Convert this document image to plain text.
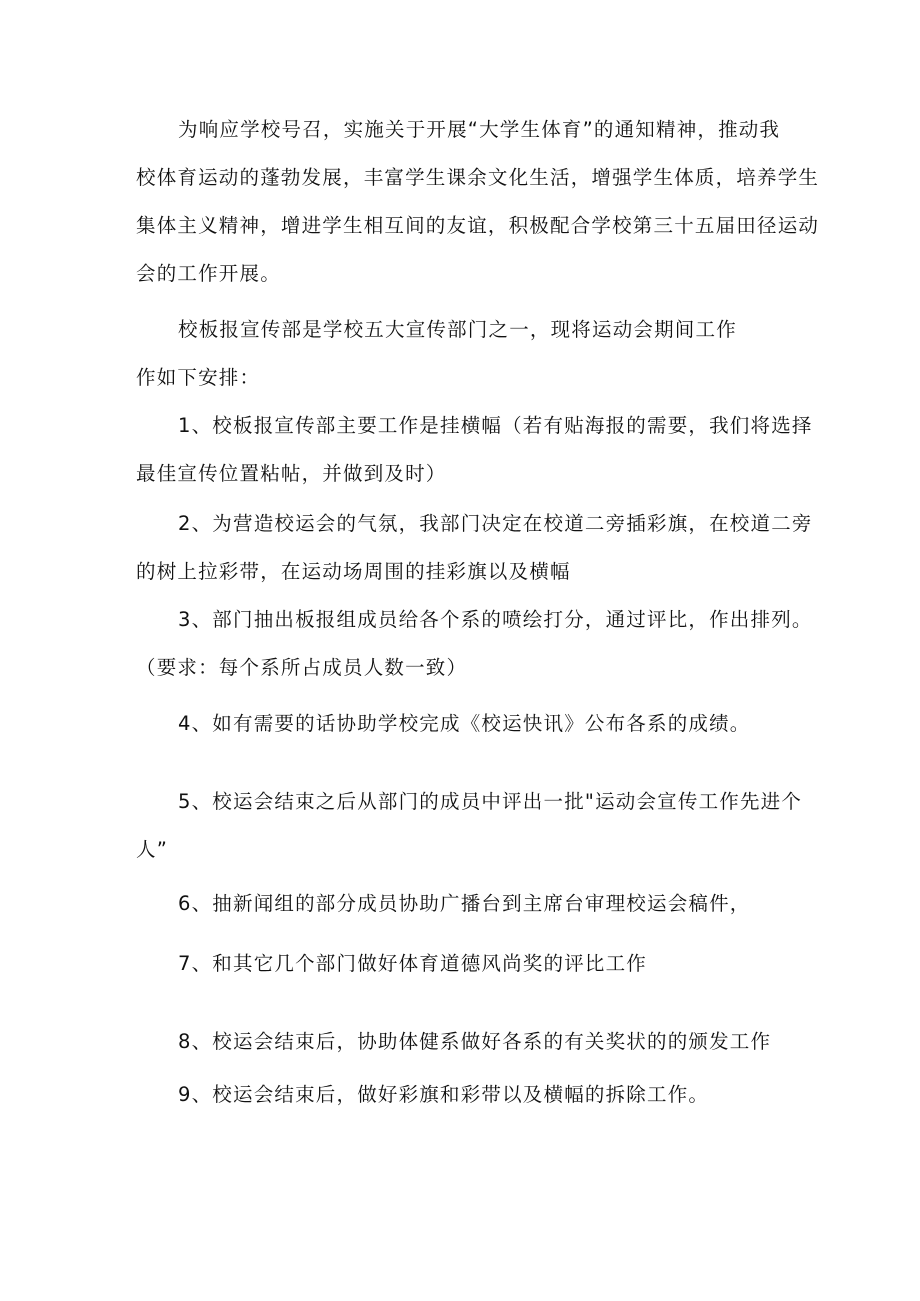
为响应学校号召，实施关于开展“大学生体育”的通知精神，推动我
校体育运动的蓬勃发展，丰富学生课余文化生活，增强学生体质，培养学生
集体主义精神，增进学生相互间的友谊，积极配合学校第三十五届田径运动
会的工作开展。
校板报宣传部是学校五大宣传部门之一，现将运动会期间工作
作如下安排：
1、校板报宣传部主要工作是挂横幅（若有贴海报的需要，我们将选择
最佳宣传位置粘帖，并做到及时）
2、为营造校运会的气氛，我部门决定在校道二旁插彩旗，在校道二旁
的树上拉彩带，在运动场周围的挂彩旗以及横幅
3、部门抽出板报组成员给各个系的喷绘打分，通过评比，作出排列。
（要求：每个系所占成员人数一致）
4、如有需要的话协助学校完成《校运快讯》公布各系的成绩。
5、校运会结束之后从部门的成员中评出一批"运动会宣传工作先进个
人”
6、抽新闻组的部分成员协助广播台到主席台审理校运会稿件，
7、和其它几个部门做好体育道德风尚奖的评比工作
8、校运会结束后，协助体健系做好各系的有关奖状的的颁发工作
9、校运会结束后，做好彩旗和彩带以及横幅的拆除工作。
